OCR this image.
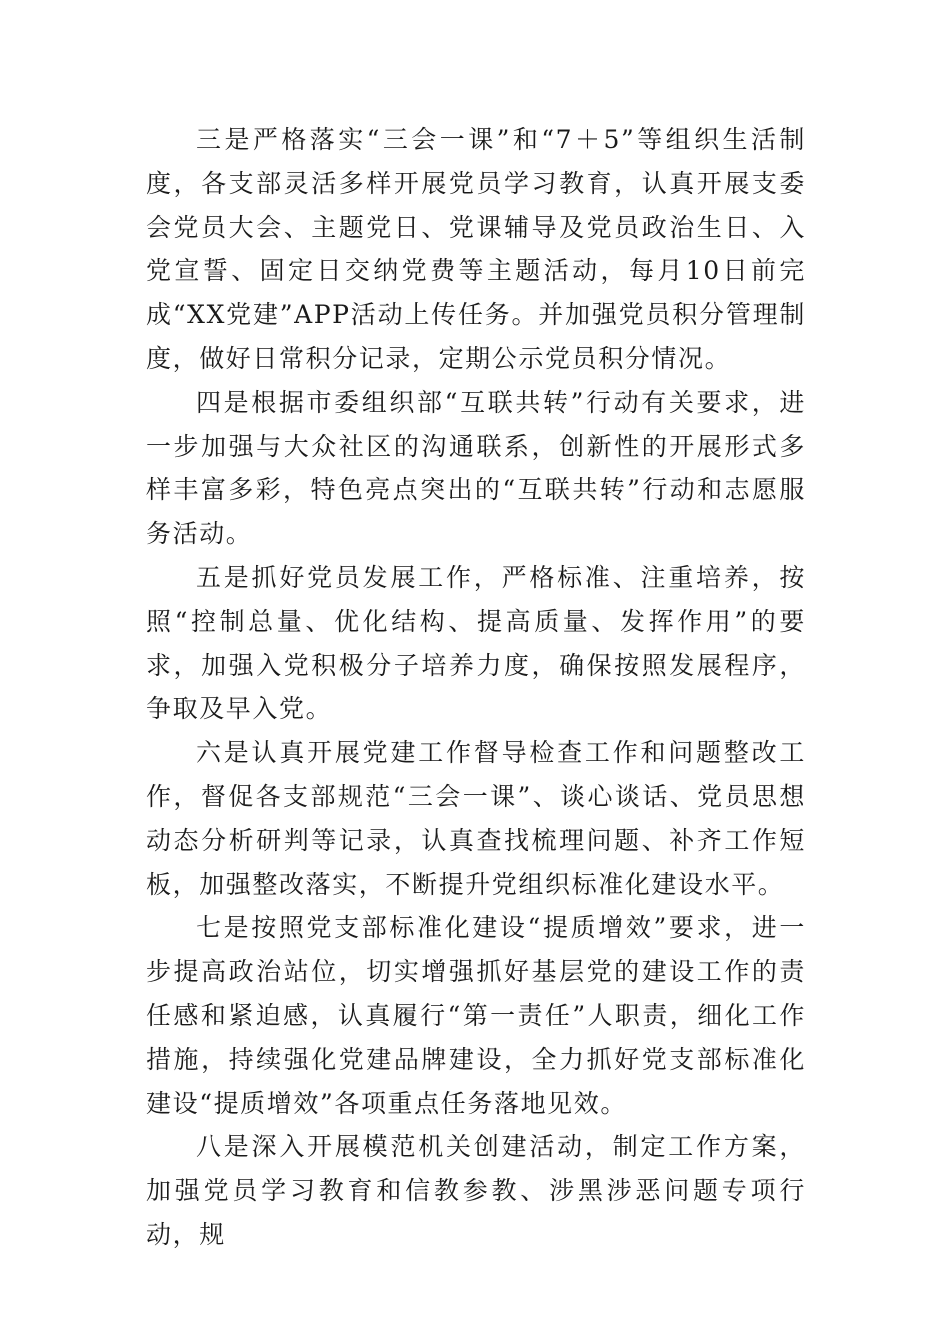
三是严格落实“三会一课”和“7＋5”等组织生活制度，各支部灵活多样开展党员学习教育，认真开展支委会党员大会、主题党日、党课辅导及党员政治生日、入党宣誓、固定日交纳党费等主题活动，每月10日前完成“XX党建”APP活动上传任务。并加强党员积分管理制度，做好日常积分记录，定期公示党员积分情况。

四是根据市委组织部“互联共转”行动有关要求，进一步加强与大众社区的沟通联系，创新性的开展形式多样丰富多彩，特色亮点突出的“互联共转”行动和志愿服务活动。

五是抓好党员发展工作，严格标准、注重培养，按照“控制总量、优化结构、提高质量、发挥作用”的要求，加强入党积极分子培养力度，确保按照发展程序，争取及早入党。

六是认真开展党建工作督导检查工作和问题整改工作，督促各支部规范“三会一课”、谈心谈话、党员思想动态分析研判等记录，认真查找梳理问题、补齐工作短板，加强整改落实，不断提升党组织标准化建设水平。

七是按照党支部标准化建设“提质增效”要求，进一步提高政治站位，切实增强抓好基层党的建设工作的责任感和紧迫感，认真履行“第一责任”人职责，细化工作措施，持续强化党建品牌建设，全力抓好党支部标准化建设“提质增效”各项重点任务落地见效。

八是深入开展模范机关创建活动，制定工作方案，加强党员学习教育和信教参教、涉黑涉恶问题专项行动，规
